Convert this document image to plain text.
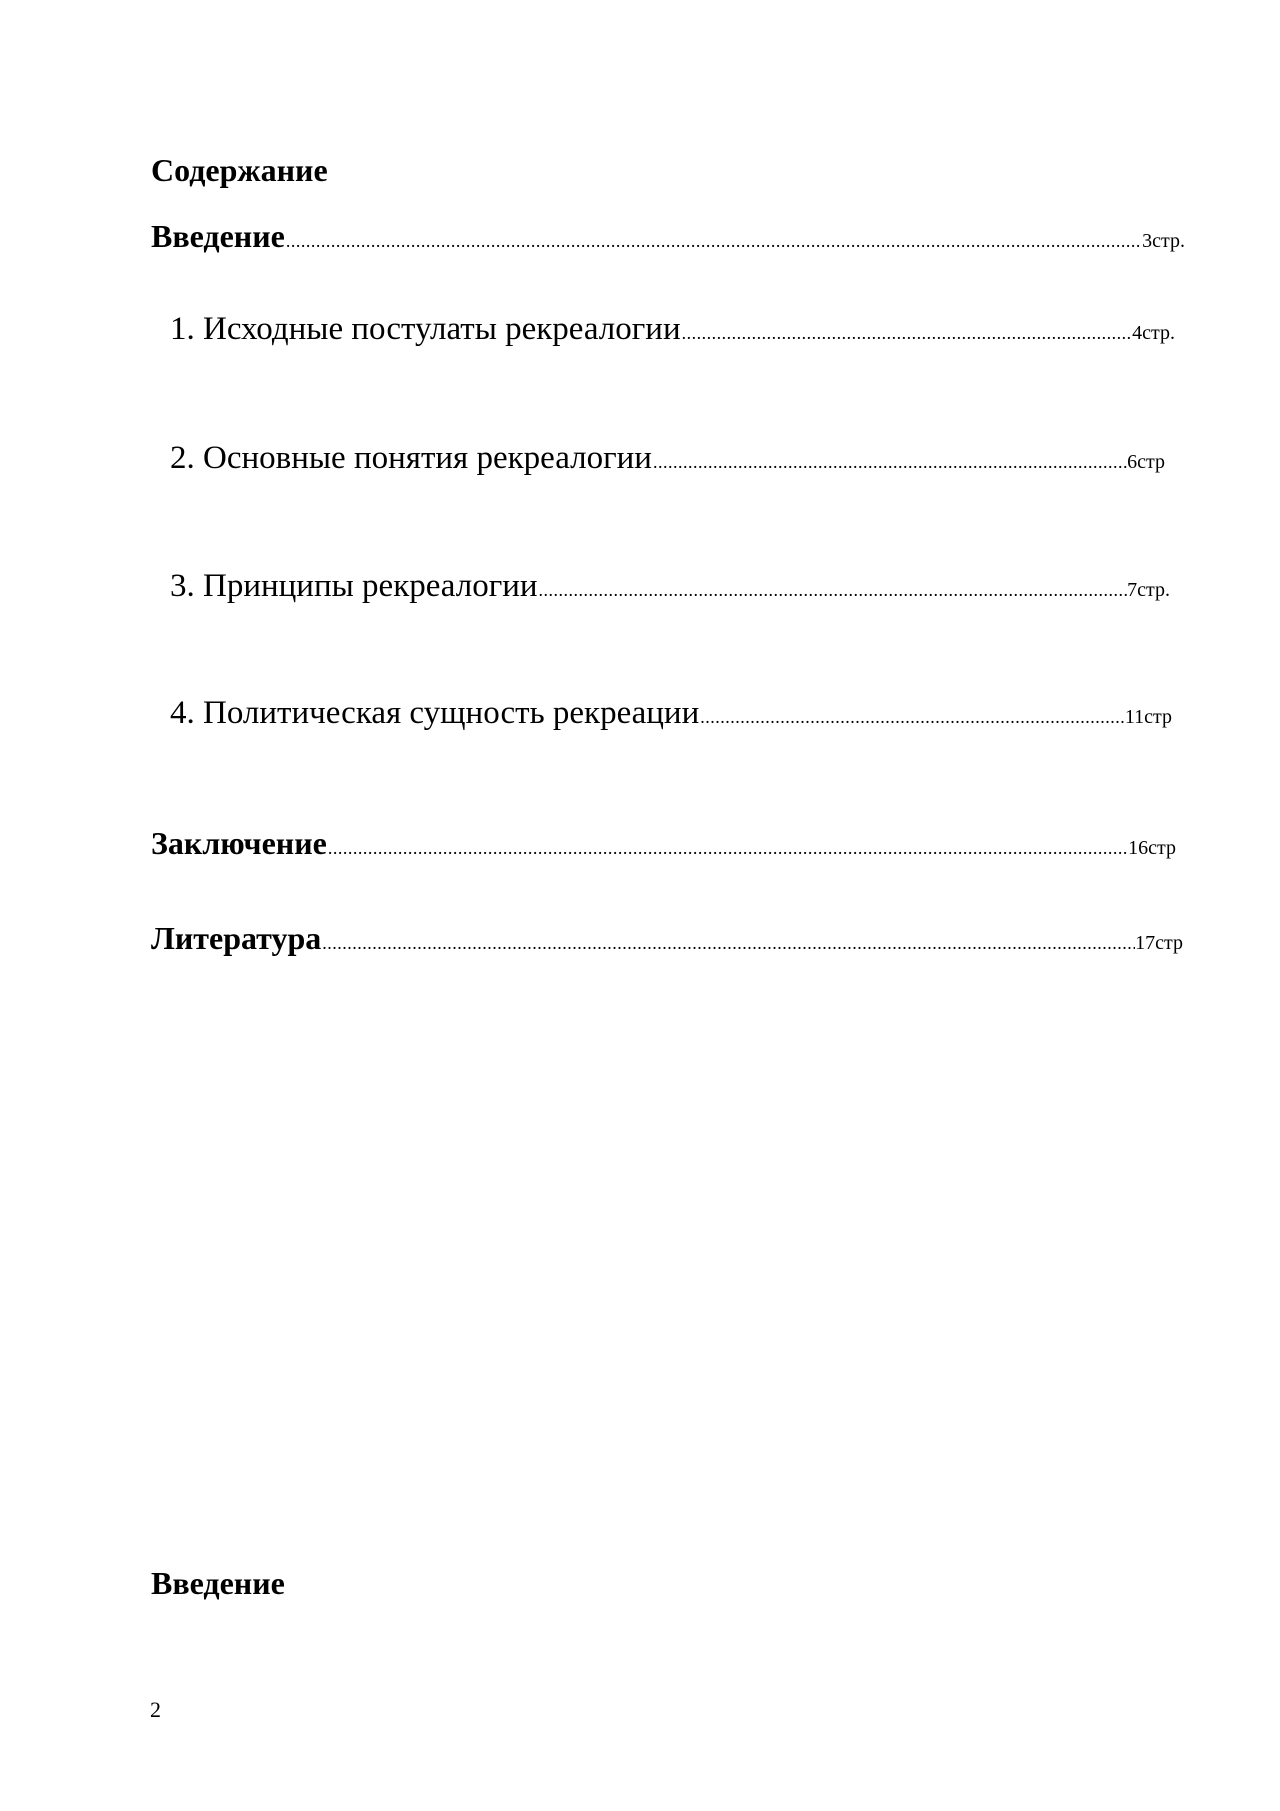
Содержание
Введение .....	3стр.
1. Исходные постулаты рекреалогии .....	4стр.
2. Основные понятия рекреалогии .....	6стр
3. Принципы рекреалогии .....	7стр.
4. Политическая сущность рекреации .....	11стр
Заключение .....	16стр
Литература .....	17стр
Введение
2
